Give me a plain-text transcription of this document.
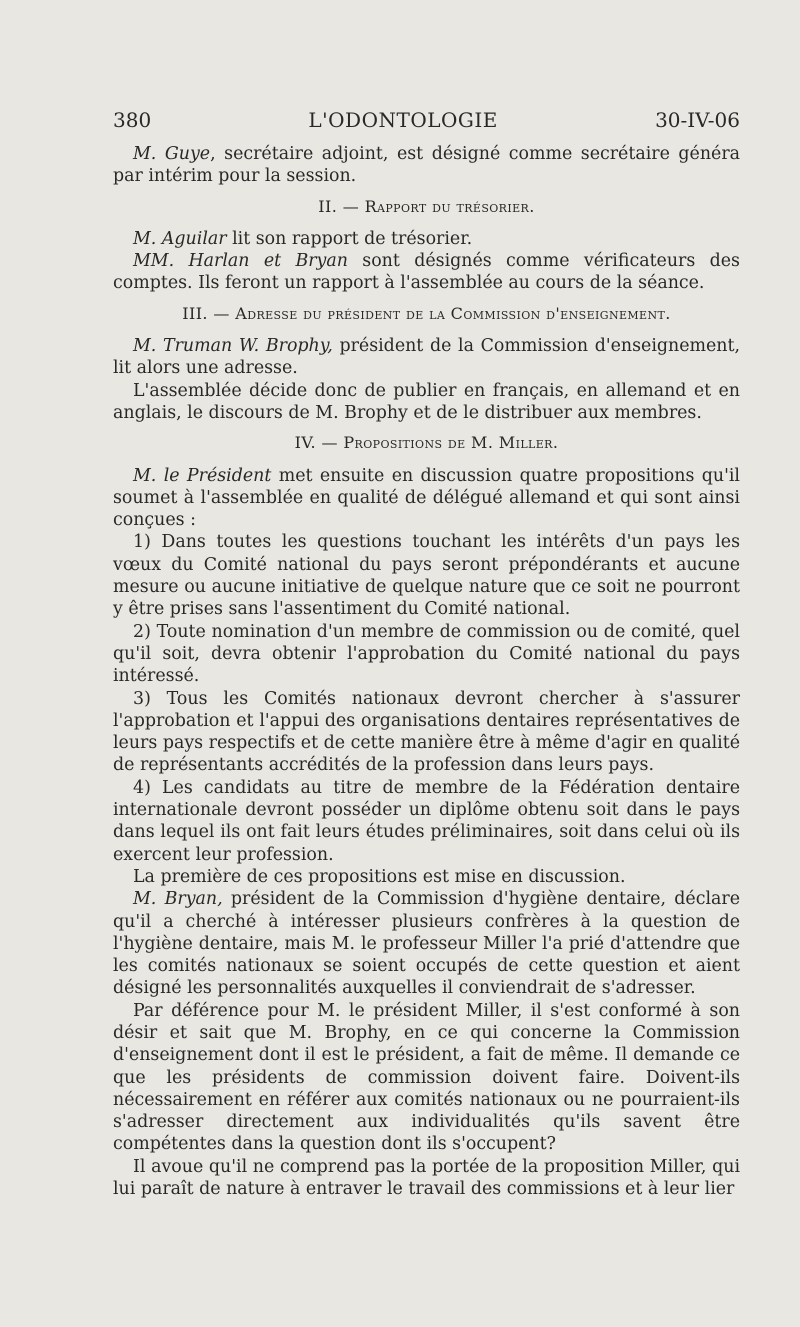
380	L'ODONTOLOGIE	30-IV-06

M. Guye, secrétaire adjoint, est désigné comme secrétaire généra par intérim pour la session.

II. — Rapport du trésorier.

M. Aguilar lit son rapport de trésorier.

MM. Harlan et Bryan sont désignés comme vérificateurs des comptes. Ils feront un rapport à l'assemblée au cours de la séance.

III. — Adresse du président de la Commission d'enseignement.

M. Truman W. Brophy, président de la Commission d'enseignement, lit alors une adresse.

L'assemblée décide donc de publier en français, en allemand et en anglais, le discours de M. Brophy et de le distribuer aux membres.

IV. — Propositions de M. Miller.

M. le Président met ensuite en discussion quatre propositions qu'il soumet à l'assemblée en qualité de délégué allemand et qui sont ainsi conçues :

1) Dans toutes les questions touchant les intérêts d'un pays les vœux du Comité national du pays seront prépondérants et aucune mesure ou aucune initiative de quelque nature que ce soit ne pourront y être prises sans l'assentiment du Comité national.

2) Toute nomination d'un membre de commission ou de comité, quel qu'il soit, devra obtenir l'approbation du Comité national du pays intéressé.

3) Tous les Comités nationaux devront chercher à s'assurer l'approbation et l'appui des organisations dentaires représentatives de leurs pays respectifs et de cette manière être à même d'agir en qualité de représentants accrédités de la profession dans leurs pays.

4) Les candidats au titre de membre de la Fédération dentaire internationale devront posséder un diplôme obtenu soit dans le pays dans lequel ils ont fait leurs études préliminaires, soit dans celui où ils exercent leur profession.

La première de ces propositions est mise en discussion.

M. Bryan, président de la Commission d'hygiène dentaire, déclare qu'il a cherché à intéresser plusieurs confrères à la question de l'hygiène dentaire, mais M. le professeur Miller l'a prié d'attendre que les comités nationaux se soient occupés de cette question et aient désigné les personnalités auxquelles il conviendrait de s'adresser.

Par déférence pour M. le président Miller, il s'est conformé à son désir et sait que M. Brophy, en ce qui concerne la Commission d'enseignement dont il est le président, a fait de même. Il demande ce que les présidents de commission doivent faire. Doivent-ils nécessairement en référer aux comités nationaux ou ne pourraient-ils s'adresser directement aux individualités qu'ils savent être compétentes dans la question dont ils s'occupent?

Il avoue qu'il ne comprend pas la portée de la proposition Miller, qui lui paraît de nature à entraver le travail des commissions et à leur lier
